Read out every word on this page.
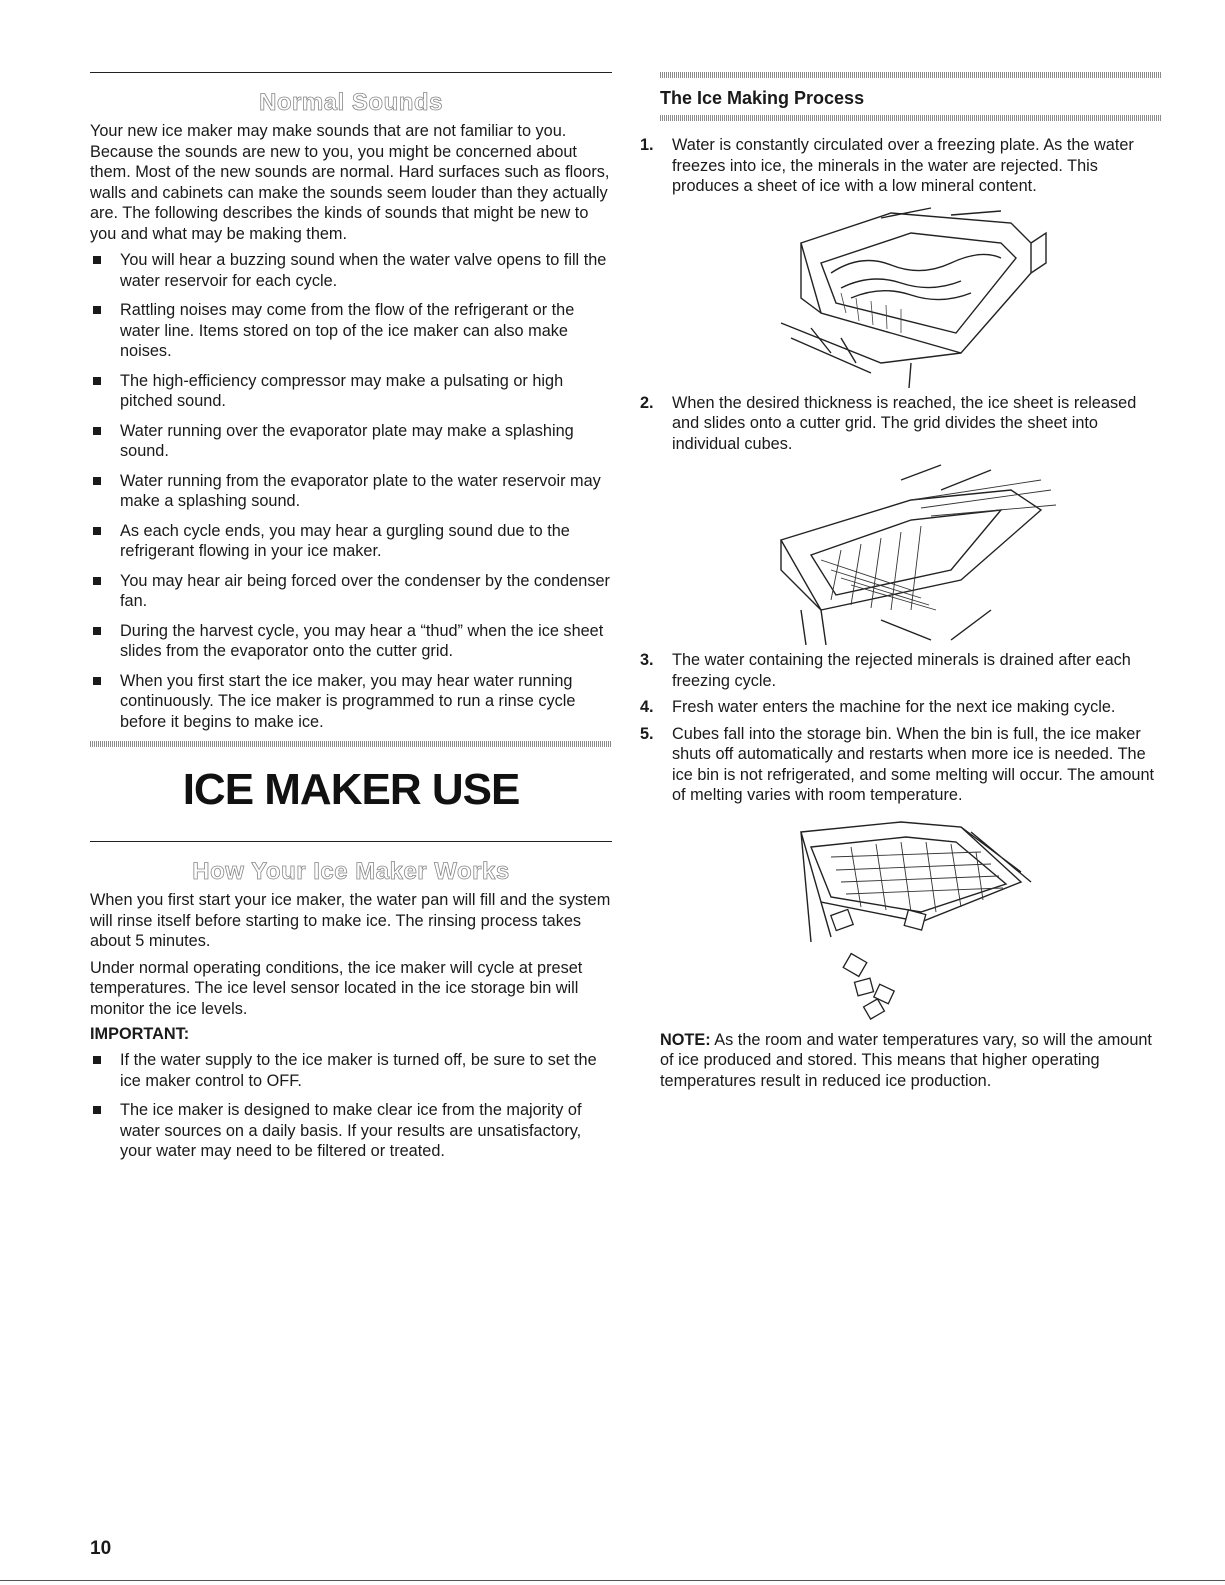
Normal Sounds

Your new ice maker may make sounds that are not familiar to you. Because the sounds are new to you, you might be concerned about them. Most of the new sounds are normal. Hard surfaces such as floors, walls and cabinets can make the sounds seem louder than they actually are. The following describes the kinds of sounds that might be new to you and what may be making them.

You will hear a buzzing sound when the water valve opens to fill the water reservoir for each cycle.
Rattling noises may come from the flow of the refrigerant or the water line. Items stored on top of the ice maker can also make noises.
The high-efficiency compressor may make a pulsating or high pitched sound.
Water running over the evaporator plate may make a splashing sound.
Water running from the evaporator plate to the water reservoir may make a splashing sound.
As each cycle ends, you may hear a gurgling sound due to the refrigerant flowing in your ice maker.
You may hear air being forced over the condenser by the condenser fan.
During the harvest cycle, you may hear a “thud” when the ice sheet slides from the evaporator onto the cutter grid.
When you first start the ice maker, you may hear water running continuously. The ice maker is programmed to run a rinse cycle before it begins to make ice.
ICE MAKER USE
How Your Ice Maker Works

When you first start your ice maker, the water pan will fill and the system will rinse itself before starting to make ice. The rinsing process takes about 5 minutes.

Under normal operating conditions, the ice maker will cycle at preset temperatures. The ice level sensor located in the ice storage bin will monitor the ice levels.

IMPORTANT:
If the water supply to the ice maker is turned off, be sure to set the ice maker control to OFF.
The ice maker is designed to make clear ice from the majority of water sources on a daily basis. If your results are unsatisfactory, your water may need to be filtered or treated.
The Ice Making Process
1. Water is constantly circulated over a freezing plate. As the water freezes into ice, the minerals in the water are rejected. This produces a sheet of ice with a low mineral content.
2. When the desired thickness is reached, the ice sheet is released and slides onto a cutter grid. The grid divides the sheet into individual cubes.
3. The water containing the rejected minerals is drained after each freezing cycle.
4. Fresh water enters the machine for the next ice making cycle.
5. Cubes fall into the storage bin. When the bin is full, the ice maker shuts off automatically and restarts when more ice is needed. The ice bin is not refrigerated, and some melting will occur. The amount of melting varies with room temperature.
NOTE: As the room and water temperatures vary, so will the amount of ice produced and stored. This means that higher operating temperatures result in reduced ice production.
10
